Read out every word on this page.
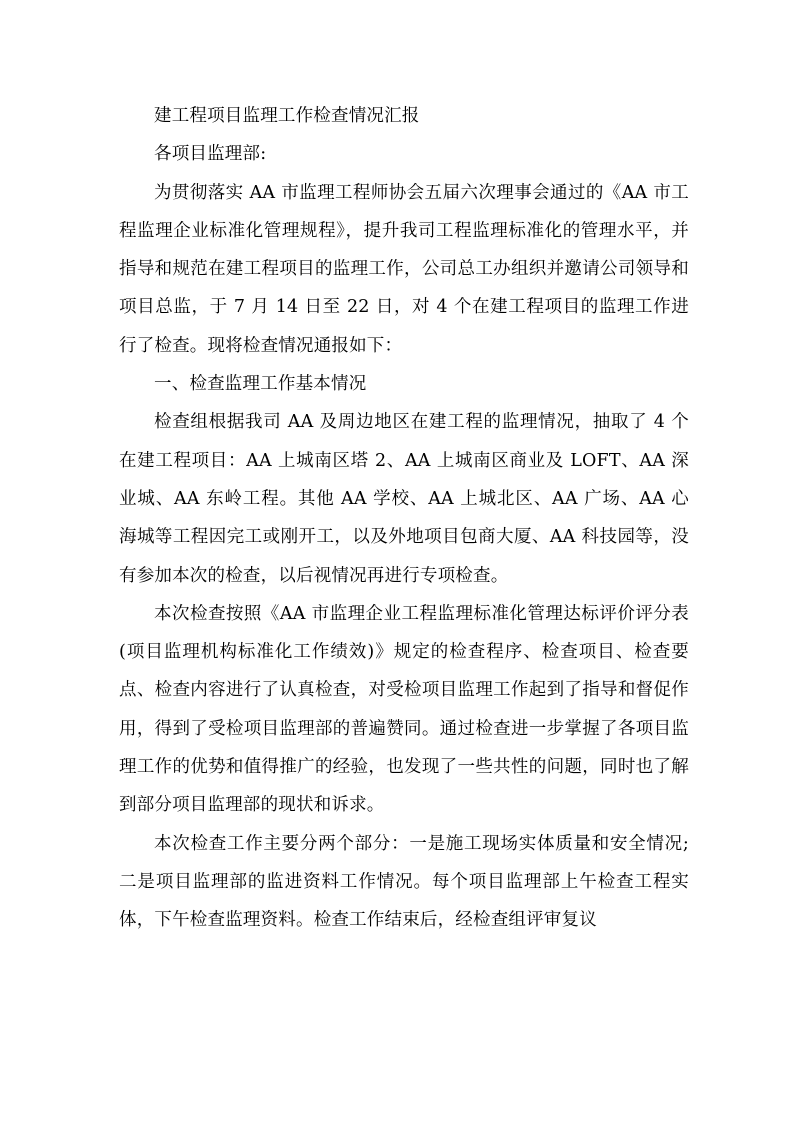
建工程项目监理工作检查情况汇报

各项目监理部:

为贯彻落实 AA 市监理工程师协会五届六次理事会通过的《AA 市工程监理企业标准化管理规程》，提升我司工程监理标准化的管理水平，并指导和规范在建工程项目的监理工作，公司总工办组织并邀请公司领导和项目总监，于 7 月 14 日至 22 日，对 4 个在建工程项目的监理工作进行了检查。现将检查情况通报如下：

一、检查监理工作基本情况

检查组根据我司 AA 及周边地区在建工程的监理情况，抽取了 4 个在建工程项目：AA 上城南区塔 2、AA 上城南区商业及 LOFT、AA 深业城、AA 东岭工程。其他 AA 学校、AA 上城北区、AA 广场、AA 心海城等工程因完工或刚开工，以及外地项目包商大厦、AA 科技园等，没有参加本次的检查，以后视情况再进行专项检查。

本次检查按照《AA 市监理企业工程监理标准化管理达标评价评分表(项目监理机构标准化工作绩效)》规定的检查程序、检查项目、检查要点、检查内容进行了认真检查，对受检项目监理工作起到了指导和督促作用，得到了受检项目监理部的普遍赞同。通过检查进一步掌握了各项目监理工作的优势和值得推广的经验，也发现了一些共性的问题，同时也了解到部分项目监理部的现状和诉求。

本次检查工作主要分两个部分：一是施工现场实体质量和安全情况;二是项目监理部的监进资料工作情况。每个项目监理部上午检查工程实体，下午检查监理资料。检查工作结束后，经检查组评审复议
